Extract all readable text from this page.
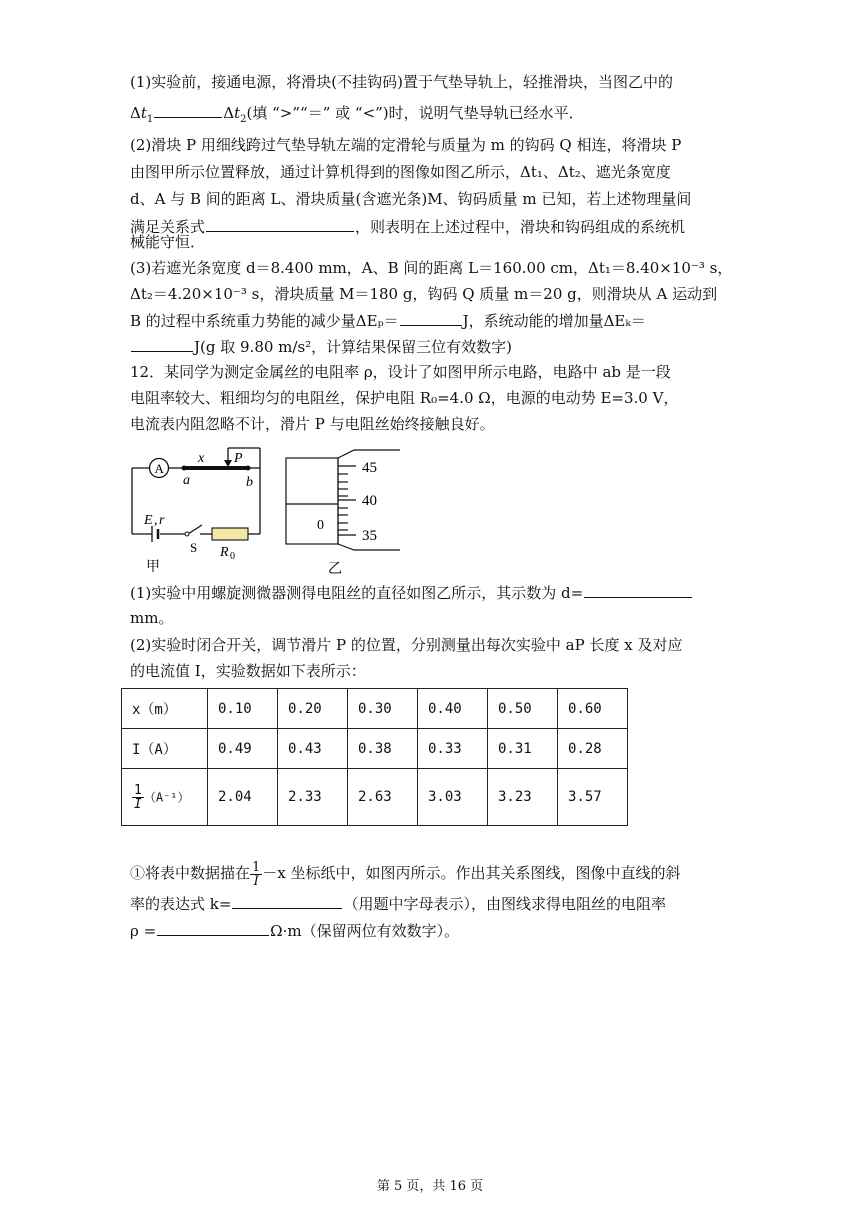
(1)实验前，接通电源，将滑块(不挂钩码)置于气垫导轨上，轻推滑块，当图乙中的
$\Delta t_1$	$\Delta t_2$(填 “>”“＝” 或 “<”)时，说明气垫导轨已经水平．
(2)滑块 P 用细线跨过气垫导轨左端的定滑轮与质量为 m 的钩码 Q 相连，将滑块 P
由图甲所示位置释放，通过计算机得到的图像如图乙所示，Δt₁、Δt₂、遮光条宽度
d、A 与 B 间的距离 L、滑块质量(含遮光条)M、钩码质量 m 已知，若上述物理量间
满足关系式	，则表明在上述过程中，滑块和钩码组成的系统机
械能守恒．
(3)若遮光条宽度 d＝8.400 mm，A、B 间的距离 L＝160.00 cm，Δt₁＝8.40×10⁻³ s，
Δt₂＝4.20×10⁻³ s，滑块质量 M＝180 g，钩码 Q 质量 m＝20 g，则滑块从 A 运动到
B 的过程中系统重力势能的减少量ΔEₚ＝	J，系统动能的增加量ΔEₖ＝
J(g 取 9.80 m/s²，计算结果保留三位有效数字)
12．某同学为测定金属丝的电阻率 ρ，设计了如图甲所示电路，电路中 ab 是一段
电阻率较大、粗细均匀的电阻丝，保护电阻 R₀=4.0 Ω，电源的电动势 E=3.0 V，
电流表内阻忽略不计，滑片 P 与电阻丝始终接触良好。
A
x P
a	b
E , r
S R 0
甲
45
40
35
0
乙
(1)实验中用螺旋测微器测得电阻丝的直径如图乙所示，其示数为 d=
mm。
(2)实验时闭合开关，调节滑片 P 的位置，分别测量出每次实验中 aP 长度 x 及对应
的电流值 I，实验数据如下表所示：
x（m）	0.10	0.20	0.30	0.40	0.50	0.60
I（A）	0.49	0.43	0.38	0.33	0.31	0.28

$\frac{1}{I} (A^{-1})$	2.04	2.33	2.63	3.03	3.23	3.57
①将表中数据描在 $\frac{1}{I} -x$ 坐标纸中，如图丙所示。作出其关系图线，图像中直线的斜
率的表达式 k=	（用题中字母表示），由图线求得电阻丝的电阻率
ρ =	Ω·m（保留两位有效数字）。
第 5 页，共 16 页
